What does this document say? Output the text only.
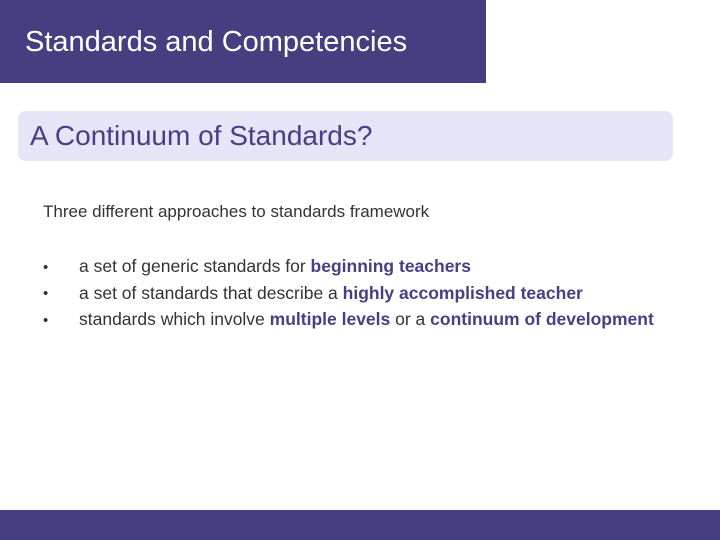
Standards and Competencies
A Continuum of Standards?
Three different approaches to standards framework
• a set of generic standards for beginning teachers
• a set of standards that describe a highly accomplished teacher
• standards which involve multiple levels or a continuum of development
